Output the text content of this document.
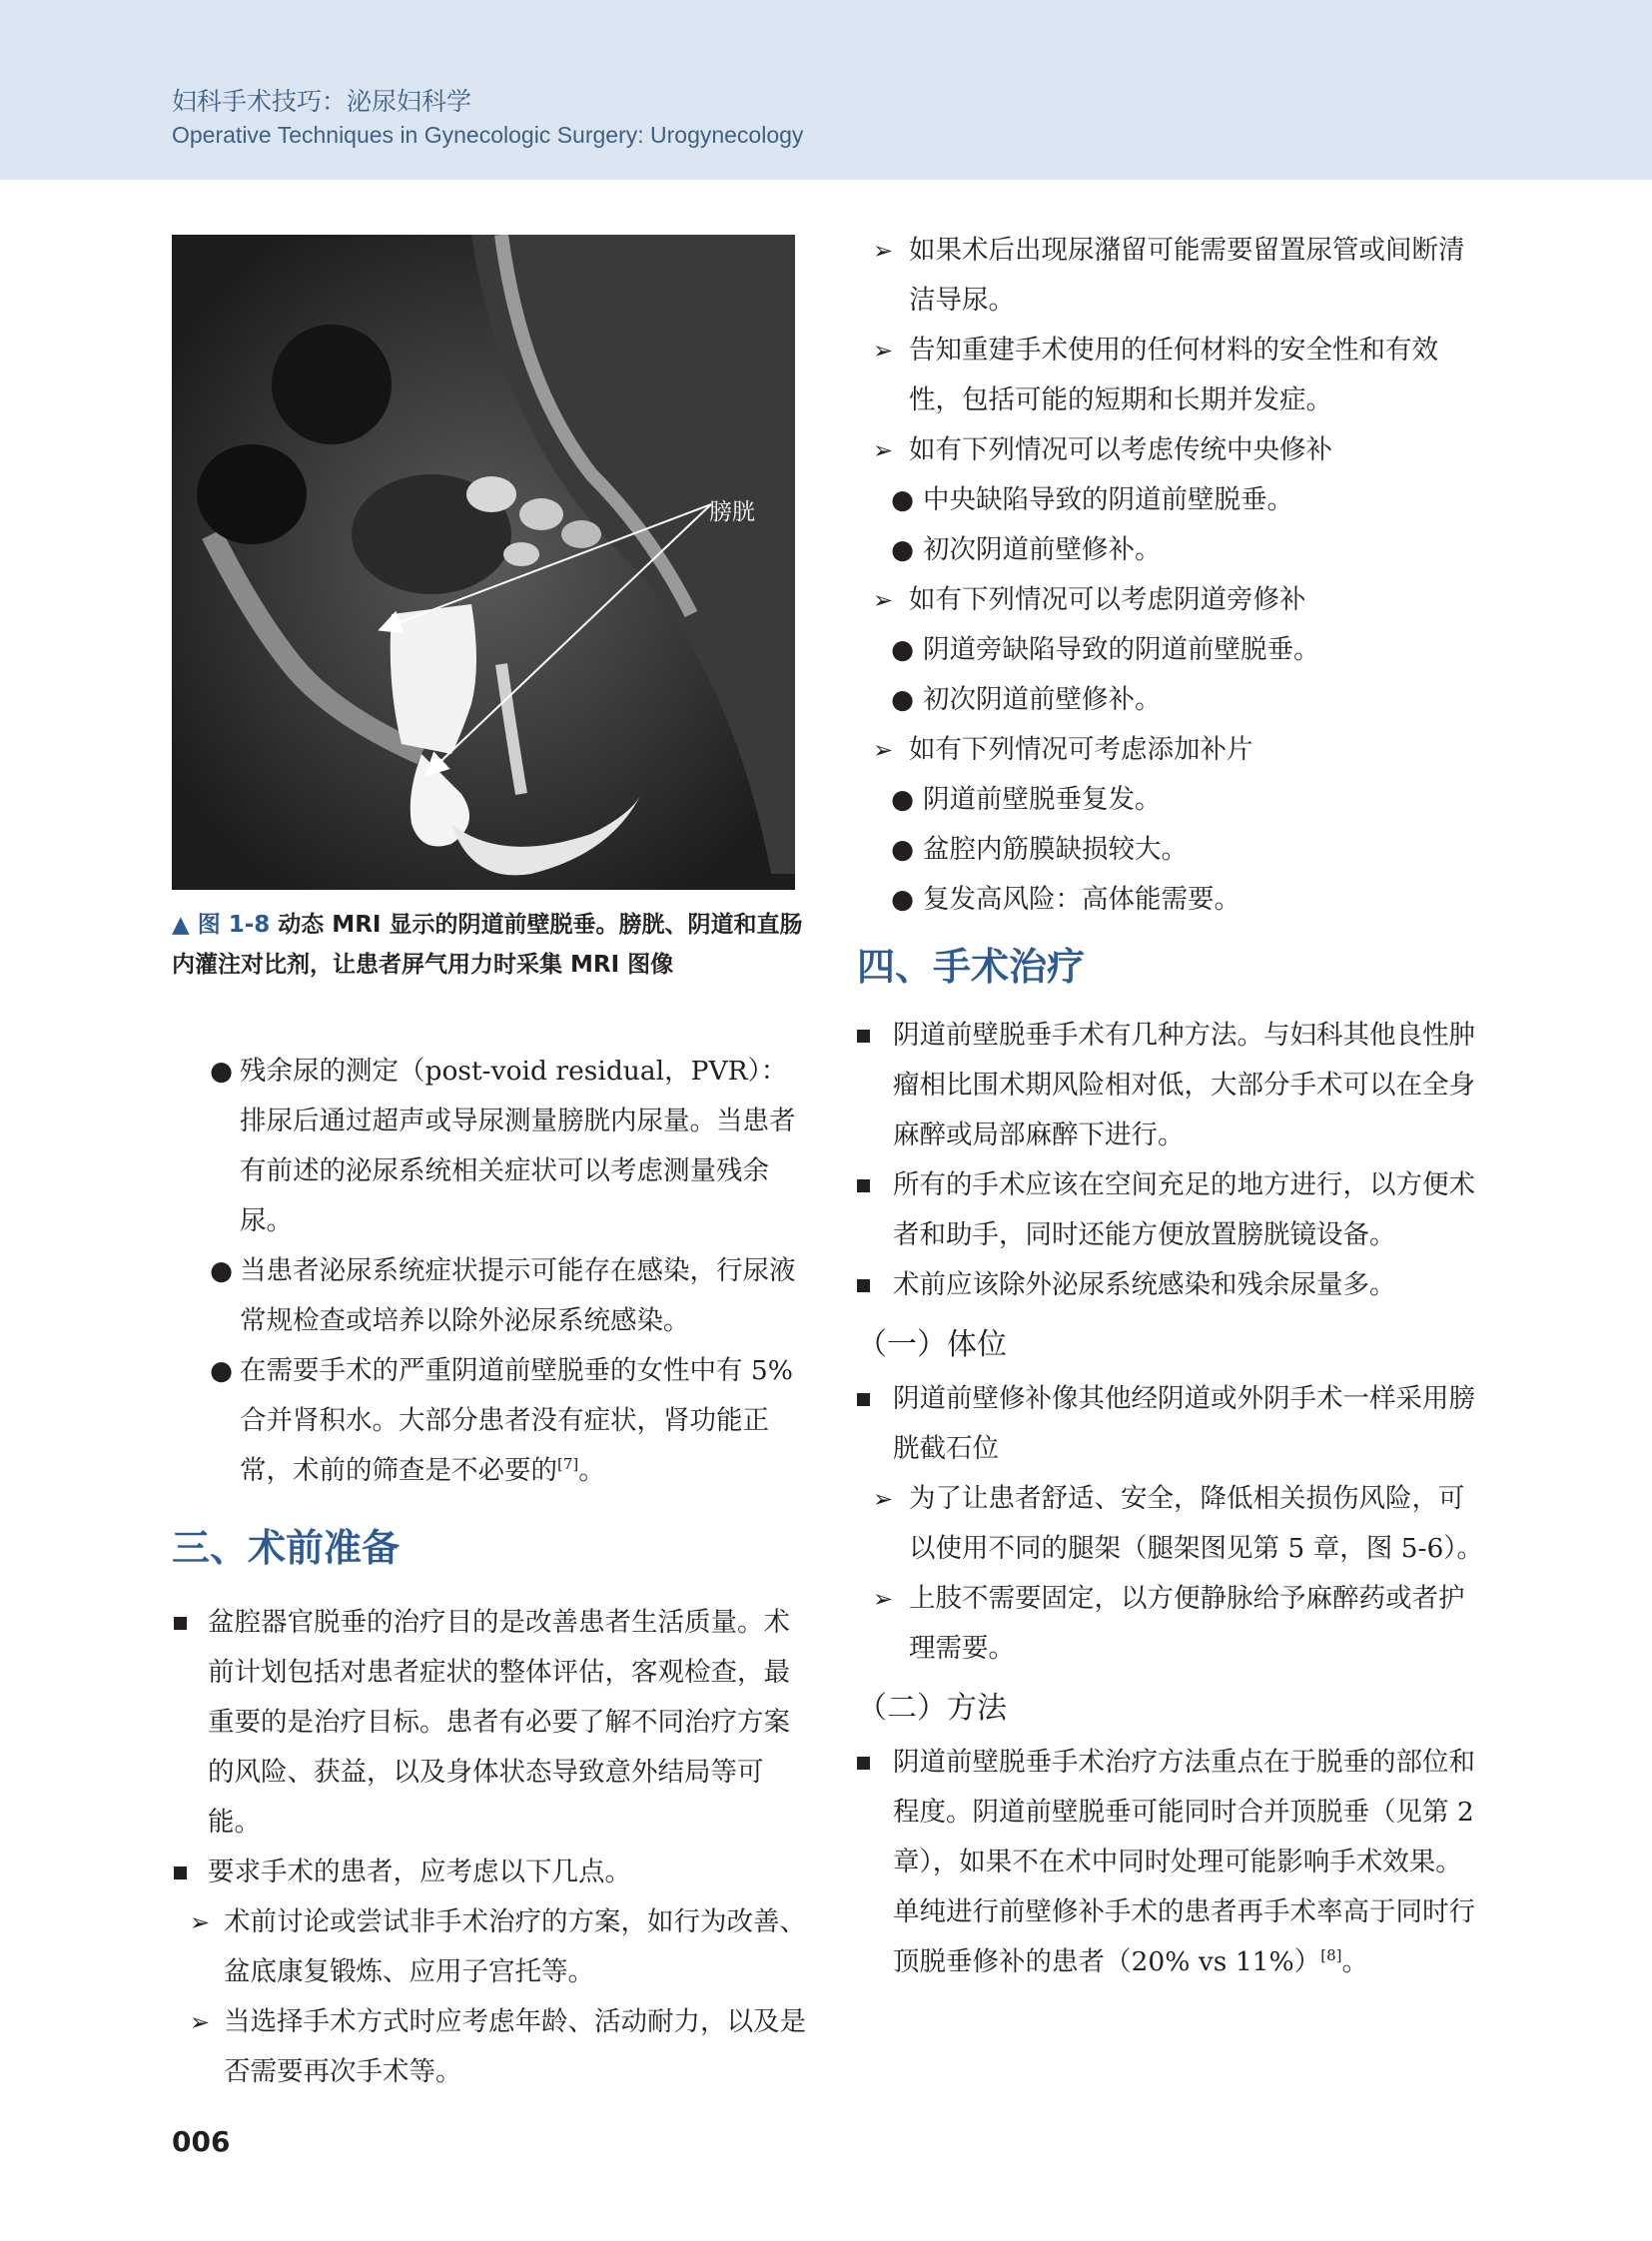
妇科手术技巧：泌尿妇科学
Operative Techniques in Gynecologic Surgery: Urogynecology
膀胱
▲ 图 1-8 动态 MRI 显示的阴道前壁脱垂。膀胱、阴道和直肠内灌注对比剂，让患者屏气用力时采集 MRI 图像
● 残余尿的测定（post-void residual，PVR）：排尿后通过超声或导尿测量膀胱内尿量。当患者有前述的泌尿系统相关症状可以考虑测量残余尿。
● 当患者泌尿系统症状提示可能存在感染，行尿液常规检查或培养以除外泌尿系统感染。
● 在需要手术的严重阴道前壁脱垂的女性中有 5% 合并肾积水。大部分患者没有症状，肾功能正常，术前的筛查是不必要的[7]。
三、术前准备
盆腔器官脱垂的治疗目的是改善患者生活质量。术前计划包括对患者症状的整体评估，客观检查，最重要的是治疗目标。患者有必要了解不同治疗方案的风险、获益，以及身体状态导致意外结局等可能。
要求手术的患者，应考虑以下几点。
➢ 术前讨论或尝试非手术治疗的方案，如行为改善、盆底康复锻炼、应用子宫托等。
➢ 当选择手术方式时应考虑年龄、活动耐力，以及是否需要再次手术等。
➢ 如果术后出现尿潴留可能需要留置尿管或间断清洁导尿。
➢ 告知重建手术使用的任何材料的安全性和有效性，包括可能的短期和长期并发症。
➢ 如有下列情况可以考虑传统中央修补
● 中央缺陷导致的阴道前壁脱垂。
● 初次阴道前壁修补。
➢ 如有下列情况可以考虑阴道旁修补
● 阴道旁缺陷导致的阴道前壁脱垂。
● 初次阴道前壁修补。
➢ 如有下列情况可考虑添加补片
● 阴道前壁脱垂复发。
● 盆腔内筋膜缺损较大。
● 复发高风险：高体能需要。
四、手术治疗
阴道前壁脱垂手术有几种方法。与妇科其他良性肿瘤相比围术期风险相对低，大部分手术可以在全身麻醉或局部麻醉下进行。
所有的手术应该在空间充足的地方进行，以方便术者和助手，同时还能方便放置膀胱镜设备。
术前应该除外泌尿系统感染和残余尿量多。
（一）体位
阴道前壁修补像其他经阴道或外阴手术一样采用膀胱截石位
➢ 为了让患者舒适、安全，降低相关损伤风险，可以使用不同的腿架（腿架图见第 5 章，图 5-6）。
➢ 上肢不需要固定，以方便静脉给予麻醉药或者护理需要。
（二）方法
阴道前壁脱垂手术治疗方法重点在于脱垂的部位和程度。阴道前壁脱垂可能同时合并顶脱垂（见第 2 章），如果不在术中同时处理可能影响手术效果。单纯进行前壁修补手术的患者再手术率高于同时行顶脱垂修补的患者（20% vs 11%）[8]。
006
